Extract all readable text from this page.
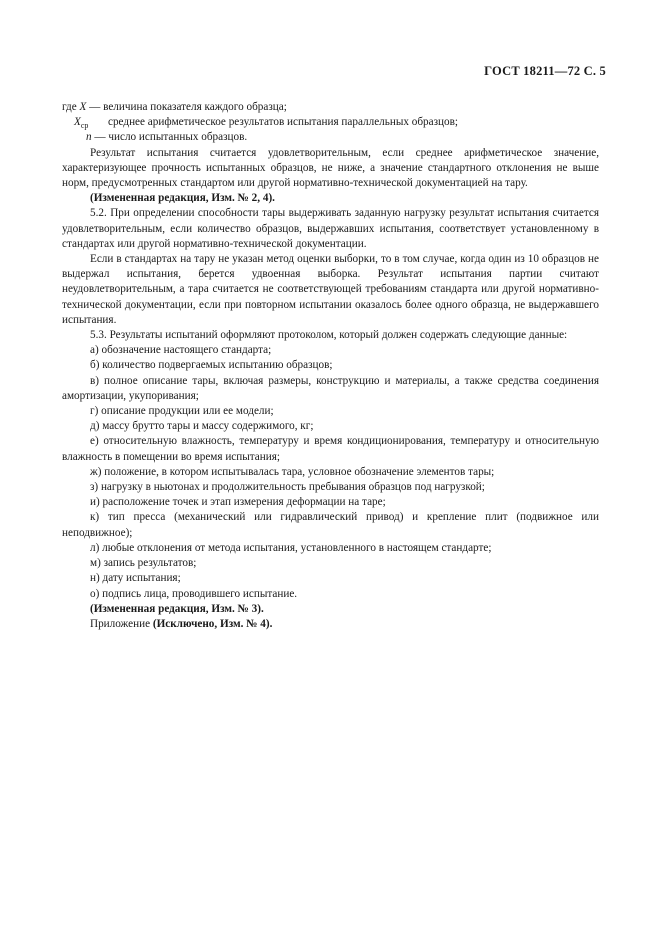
ГОСТ 18211—72 С. 5

где X — величина показателя каждого образца;

$X_{ср}$	среднее арифметическое результатов испытания параллельных образцов;

n — число испытанных образцов.

Результат испытания считается удовлетворительным, если среднее арифметическое значение, характеризующее прочность испытанных образцов, не ниже, а значение стандартного отклонения не выше норм, предусмотренных стандартом или другой нормативно-технической документацией на тару.

(Измененная редакция, Изм. № 2, 4).

5.2. При определении способности тары выдерживать заданную нагрузку результат испытания считается удовлетворительным, если количество образцов, выдержавших испытания, соответствует установленному в стандартах или другой нормативно-технической документации.

Если в стандартах на тару не указан метод оценки выборки, то в том случае, когда один из 10 образцов не выдержал испытания, берется удвоенная выборка. Результат испытания партии считают неудовлетворительным, а тара считается не соответствующей требованиям стандарта или другой нормативно-технической документации, если при повторном испытании оказалось более одного образца, не выдержавшего испытания.

5.3. Результаты испытаний оформляют протоколом, который должен содержать следующие данные:

а) обозначение настоящего стандарта;

б) количество подвергаемых испытанию образцов;

в) полное описание тары, включая размеры, конструкцию и материалы, а также средства соединения амортизации, укупоривания;

г) описание продукции или ее модели;

д) массу брутто тары и массу содержимого, кг;

е) относительную влажность, температуру и время кондиционирования, температуру и относительную влажность в помещении во время испытания;

ж) положение, в котором испытывалась тара, условное обозначение элементов тары;

з) нагрузку в ньютонах и продолжительность пребывания образцов под нагрузкой;

и) расположение точек и этап измерения деформации на таре;

к) тип пресса (механический или гидравлический привод) и крепление плит (подвижное или неподвижное);

л) любые отклонения от метода испытания, установленного в настоящем стандарте;

м) запись результатов;

н) дату испытания;

о) подпись лица, проводившего испытание.

(Измененная редакция, Изм. № 3).

Приложение (Исключено, Изм. № 4).
